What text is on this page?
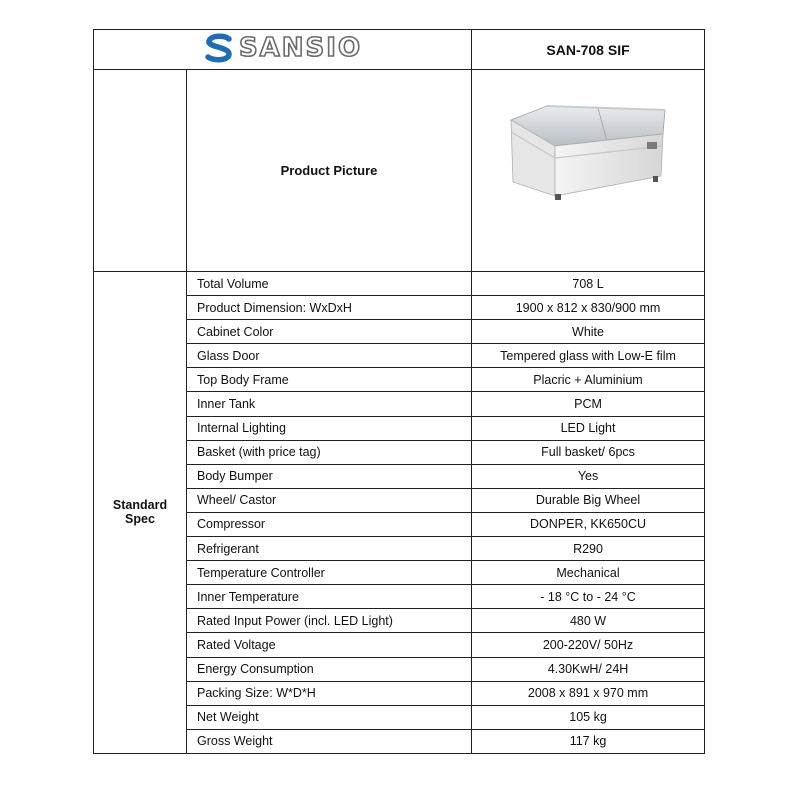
SANSIO		SAN-708 SIF
	Product Picture	

Standard
Spec	Total Volume	708 L
	Product Dimension: WxDxH	1900 x 812 x 830/900 mm
	Cabinet Color	White
	Glass Door	Tempered glass with Low-E film
	Top Body Frame	Placric + Aluminium
	Inner Tank	PCM
	Internal Lighting	LED Light
	Basket (with price tag)	Full basket/ 6pcs
	Body Bumper	Yes
	Wheel/ Castor	Durable Big Wheel
	Compressor	DONPER, KK650CU
	Refrigerant	R290
	Temperature Controller	Mechanical
	Inner Temperature	- 18 °C to - 24 °C
	Rated Input Power (incl. LED Light)	480 W
	Rated Voltage	200-220V/ 50Hz
	Energy Consumption	4.30KwH/ 24H
	Packing Size: W*D*H	2008 x 891 x 970 mm
	Net Weight	105 kg
	Gross Weight	117 kg
